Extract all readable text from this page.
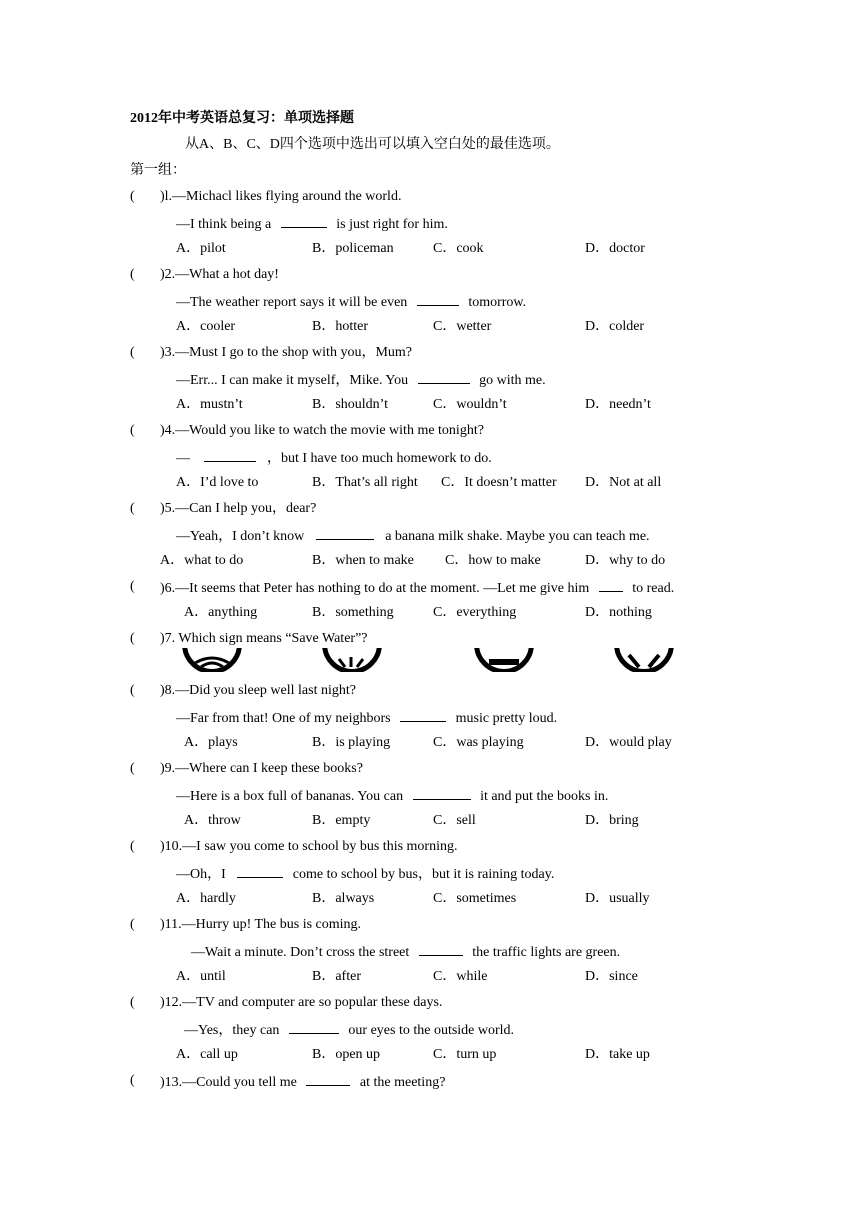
2012年中考英语总复习：单项选择题
从A、B、C、D四个选项中选出可以填入空白处的最佳选项。
第一组：
( )l.—Michacl likes flying around the world.
—I think being a	is just right for him.
A．pilot	B．policeman	C．cook	D．doctor
( )2.—What a hot day!
—The weather report says it will be even	tomorrow.
A．cooler	B．hotter	C．wetter	D．colder
( )3.—Must I go to the shop with you，Mum?
—Err... I can make it myself，Mike. You	go with me.
A．mustn’t	B．shouldn’t	C．wouldn’t	D．needn’t
( )4.—Would you like to watch the movie with me tonight?
—	，but I have too much homework to do.
A．I’d love to	B．That’s all right C．It doesn’t matter D．Not at all
( )5.—Can I help you，dear?
—Yeah，I don’t know	a banana milk shake. Maybe you can teach me.
A．what to do	B．when to make C．how to make	D．why to do
( )6.—It seems that Peter has nothing to do at the moment. —Let me give him	to read.
A．anything	B．something	C．everything	D．nothing
( )7. Which sign means “Save Water”?
( )8.—Did you sleep well last night?
—Far from that! One of my neighbors	music pretty loud.
A．plays	B．is playing	C．was playing	D．would play
( )9.—Where can I keep these books?
—Here is a box full of bananas. You can	it and put the books in.
A．throw	B．empty	C．sell	D．bring
( )10.—I saw you come to school by bus this morning.
—Oh，I	come to school by bus，but it is raining today.
A．hardly	B．always	C．sometimes	D．usually
( )11.—Hurry up! The bus is coming.
—Wait a minute. Don’t cross the street	the traffic lights are green.
A．until	B．after	C．while	D．since
( )12.—TV and computer are so popular these days.
—Yes，they can	our eyes to the outside world.
A．call up	B．open up	C．turn up	D．take up
( )13.—Could you tell me	at the meeting?
